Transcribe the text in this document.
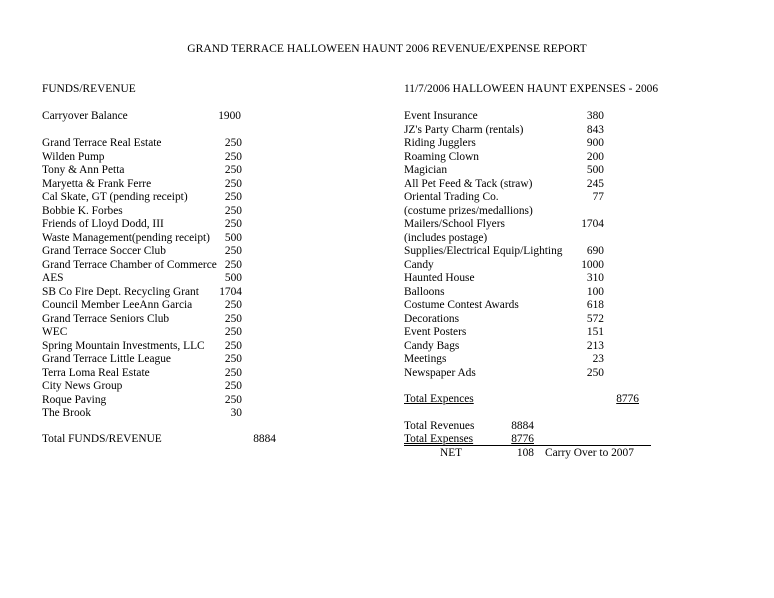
GRAND TERRACE HALLOWEEN HAUNT 2006 REVENUE/EXPENSE REPORT
FUNDS/REVENUE
Carryover Balance	1900
Grand Terrace Real Estate	250
Wilden Pump	250
Tony & Ann Petta	250
Maryetta & Frank Ferre	250
Cal Skate, GT (pending receipt)	250
Bobbie K. Forbes	250
Friends of Lloyd Dodd, III	250
Waste Management(pending receipt) 500
Grand Terrace Soccer Club	250
Grand Terrace Chamber of Commerce 250
AES	500
SB Co Fire Dept. Recycling Grant 1704
Council Member LeeAnn Garcia	250
Grand Terrace Seniors Club	250
WEC	250
Spring Mountain Investments, LLC 250
Grand Terrace Little League	250
Terra Loma Real Estate	250
City News Group	250
Roque Paving	250
The Brook	30
Total FUNDS/REVENUE	8884
11/7/2006 HALLOWEEN HAUNT EXPENSES - 2006
Event Insurance	380
JZ's Party Charm (rentals)	843
Riding Jugglers	900
Roaming Clown	200
Magician	500
All Pet Feed & Tack (straw)	245
Oriental Trading Co.	77
(costume prizes/medallions)
Mailers/School Flyers	1704
(includes postage)
Supplies/Electrical Equip/Lighting 690
Candy	1000
Haunted House	310
Balloons	100
Costume Contest Awards	618
Decorations	572
Event Posters	151
Candy Bags	213
Meetings	23
Newspaper Ads	250
Total Expences	8776
Total Revenues	8884
Total Expenses	8776
NET	108 Carry Over to 2007
